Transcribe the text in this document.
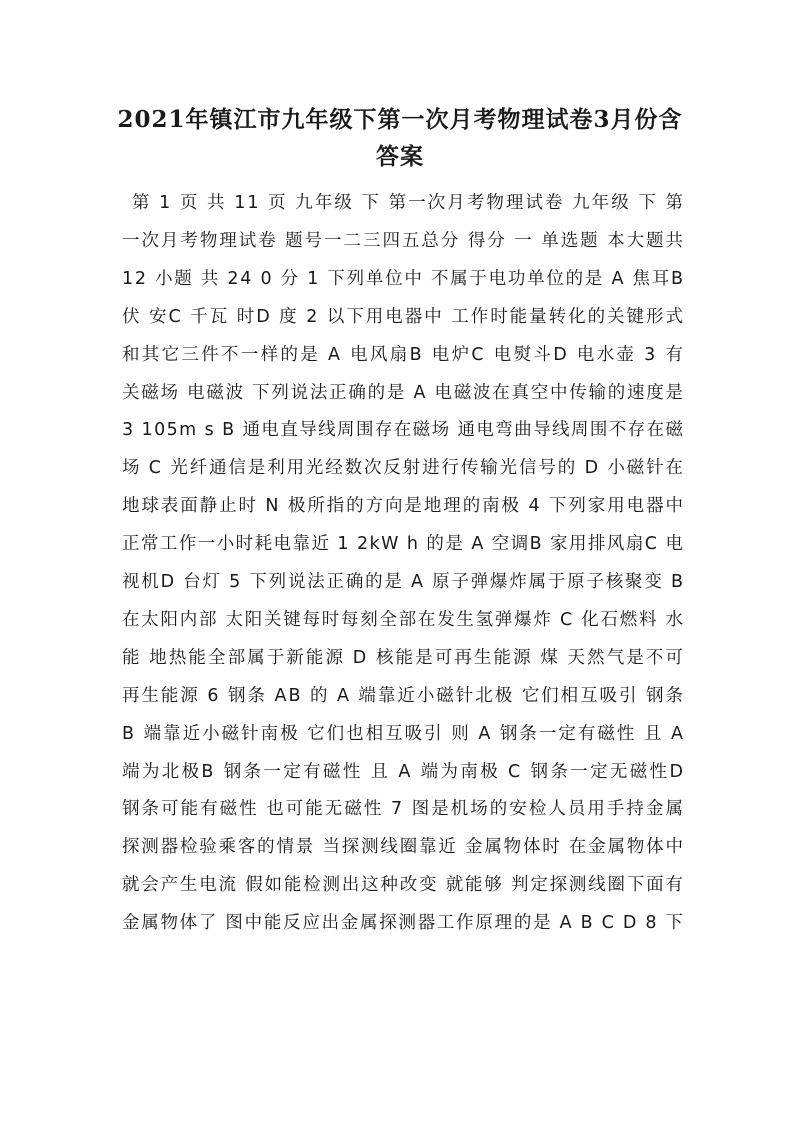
2021年镇江市九年级下第一次月考物理试卷3月份含
答案

第 1 页 共 11 页 九年级 下 第一次月考物理试卷 九年级 下 第

一次月考物理试卷 题号一二三四五总分 得分 一 单选题 本大题共

12 小题 共 24 0 分 1 下列单位中 不属于电功单位的是 A 焦耳B

伏 安C 千瓦 时D 度 2 以下用电器中 工作时能量转化的关键形式

和其它三件不一样的是 A 电风扇B 电炉C 电熨斗D 电水壶 3 有

关磁场 电磁波 下列说法正确的是 A 电磁波在真空中传输的速度是

3 105m s B 通电直导线周围存在磁场 通电弯曲导线周围不存在磁

场 C 光纤通信是利用光经数次反射进行传输光信号的 D 小磁针在

地球表面静止时 N 极所指的方向是地理的南极 4 下列家用电器中

正常工作一小时耗电靠近 1 2kW h 的是 A 空调B 家用排风扇C 电

视机D 台灯 5 下列说法正确的是 A 原子弹爆炸属于原子核聚变 B

在太阳内部 太阳关键每时每刻全部在发生氢弹爆炸 C 化石燃料 水

能 地热能全部属于新能源 D 核能是可再生能源 煤 天然气是不可

再生能源 6 钢条 AB 的 A 端靠近小磁针北极 它们相互吸引 钢条

B 端靠近小磁针南极 它们也相互吸引 则 A 钢条一定有磁性 且 A

端为北极B 钢条一定有磁性 且 A 端为南极 C 钢条一定无磁性D

钢条可能有磁性 也可能无磁性 7 图是机场的安检人员用手持金属

探测器检验乘客的情景 当探测线圈靠近 金属物体时 在金属物体中

就会产生电流 假如能检测出这种改变 就能够 判定探测线圈下面有

金属物体了 图中能反应出金属探测器工作原理的是 A B C D 8 下
